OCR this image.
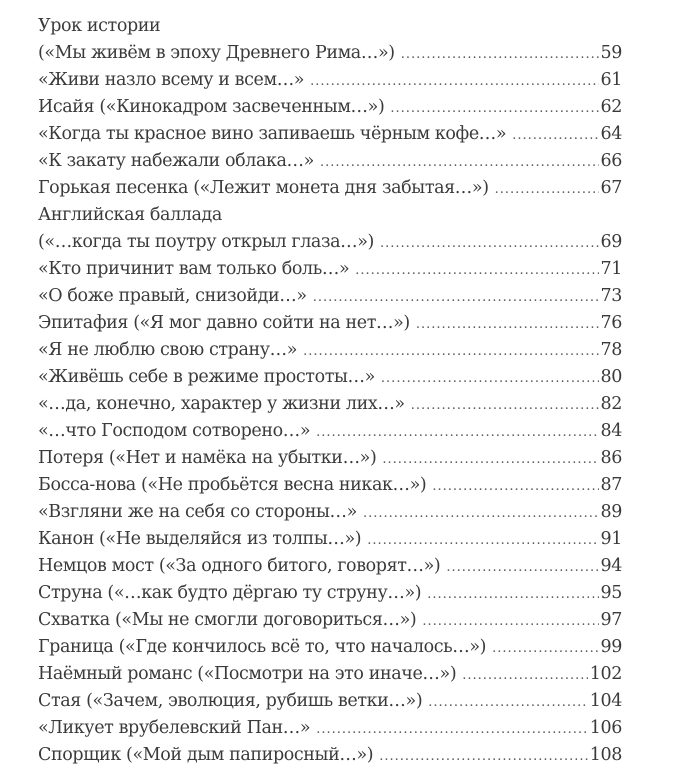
Урок истории
(«Мы живём в эпоху Древнего Рима…») .....	59
«Живи назло всему и всем…» .....	61
Исайя («Кинокадром засвеченным…») .....	62
«Когда ты красное вино запиваешь чёрным кофе…» .....	64
«К закату набежали облака…» .....	66
Горькая песенка («Лежит монета дня забытая…») .....	67
Английская баллада
(«…когда ты поутру открыл глаза…») .....	69
«Кто причинит вам только боль…» .....	71
«О боже правый, снизойди…» .....	73
Эпитафия («Я мог давно сойти на нет…») .....	76
«Я не люблю свою страну…» .....	78
«Живёшь себе в режиме простоты…» .....	80
«…да, конечно, характер у жизни лих…» .....	82
«…что Господом сотворено…» .....	84
Потеря («Нет и намёка на убытки…») .....	86
Босса-нова («Не пробьётся весна никак…») .....	87
«Взгляни же на себя со стороны…» .....	89
Канон («Не выделяйся из толпы…») .....	91
Немцов мост («За одного битого, говорят…») .....	94
Струна («…как будто дёргаю ту струну…») .....	95
Схватка («Мы не смогли договориться…») .....	97
Граница («Где кончилось всё то, что началось…») .....	99
Наёмный романс («Посмотри на это иначе…») .....	102
Стая («Зачем, эволюция, рубишь ветки…») .....	104
«Ликует врубелевский Пан…» .....	106
Спорщик («Мой дым папиросный…») .....	108
